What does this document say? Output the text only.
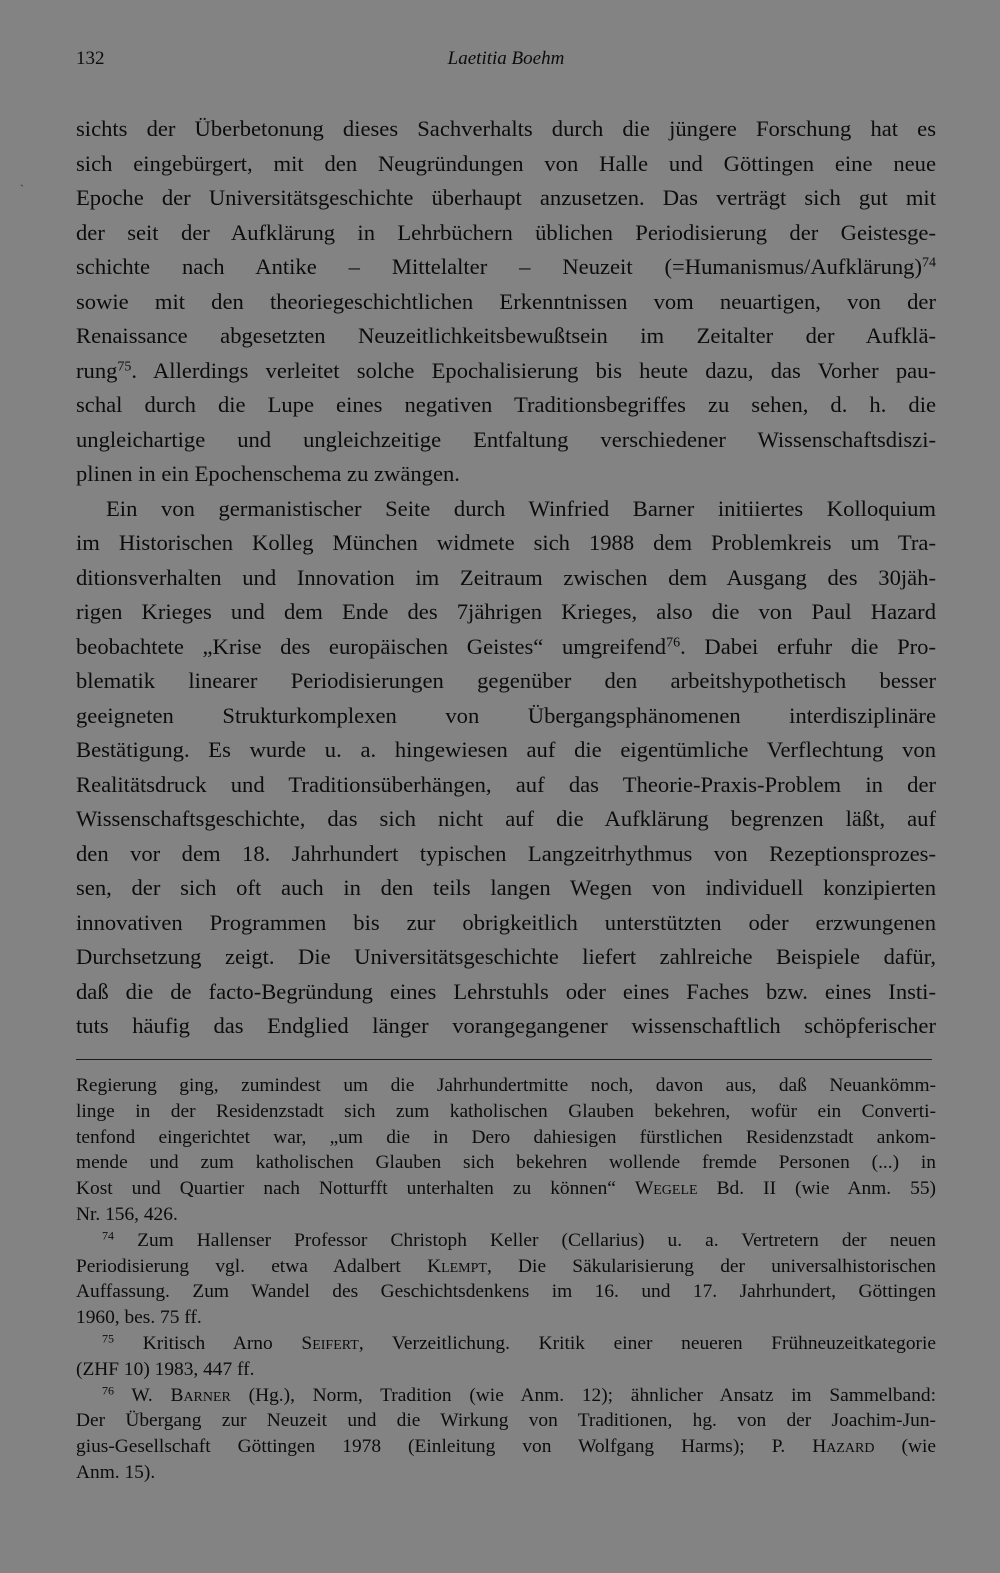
132	Laetitia Boehm
`
sichts der Überbetonung dieses Sachverhalts durch die jüngere Forschung hat es
sich eingebürgert, mit den Neugründungen von Halle und Göttingen eine neue
Epoche der Universitätsgeschichte überhaupt anzusetzen. Das verträgt sich gut mit
der seit der Aufklärung in Lehrbüchern üblichen Periodisierung der Geistesge-
schichte nach Antike – Mittelalter – Neuzeit (=Humanismus/Aufklärung)$^{74}$
sowie mit den theoriegeschichtlichen Erkenntnissen vom neuartigen, von der
Renaissance abgesetzten Neuzeitlichkeitsbewußtsein im Zeitalter der Aufklä-
rung$^{75}$. Allerdings verleitet solche Epochalisierung bis heute dazu, das Vorher pau-
schal durch die Lupe eines negativen Traditionsbegriffes zu sehen, d. h. die
ungleichartige und ungleichzeitige Entfaltung verschiedener Wissenschaftsdiszi-
plinen in ein Epochenschema zu zwängen.
Ein von germanistischer Seite durch Winfried Barner initiiertes Kolloquium
im Historischen Kolleg München widmete sich 1988 dem Problemkreis um Tra-
ditionsverhalten und Innovation im Zeitraum zwischen dem Ausgang des 30jäh-
rigen Krieges und dem Ende des 7jährigen Krieges, also die von Paul Hazard
beobachtete „Krise des europäischen Geistes“ umgreifend$^{76}$. Dabei erfuhr die Pro-
blematik linearer Periodisierungen gegenüber den arbeitshypothetisch besser
geeigneten Strukturkomplexen von Übergangsphänomenen interdisziplinäre
Bestätigung. Es wurde u. a. hingewiesen auf die eigentümliche Verflechtung von
Realitätsdruck und Traditionsüberhängen, auf das Theorie-Praxis-Problem in der
Wissenschaftsgeschichte, das sich nicht auf die Aufklärung begrenzen läßt, auf
den vor dem 18. Jahrhundert typischen Langzeitrhythmus von Rezeptionsprozes-
sen, der sich oft auch in den teils langen Wegen von individuell konzipierten
innovativen Programmen bis zur obrigkeitlich unterstützten oder erzwungenen
Durchsetzung zeigt. Die Universitätsgeschichte liefert zahlreiche Beispiele dafür,
daß die de facto-Begründung eines Lehrstuhls oder eines Faches bzw. eines Insti-
tuts häufig das Endglied länger vorangegangener wissenschaftlich schöpferischer
Regierung ging, zumindest um die Jahrhundertmitte noch, davon aus, daß Neuankömm-
linge in der Residenzstadt sich zum katholischen Glauben bekehren, wofür ein Converti-
tenfond eingerichtet war, „um die in Dero dahiesigen fürstlichen Residenzstadt ankom-
mende und zum katholischen Glauben sich bekehren wollende fremde Personen (...) in
Kost und Quartier nach Notturfft unterhalten zu können“ Wegele Bd. II (wie Anm. 55)
Nr. 156, 426.
$^{74}$ Zum Hallenser Professor Christoph Keller (Cellarius) u. a. Vertretern der neuen
Periodisierung vgl. etwa Adalbert Klempt, Die Säkularisierung der universalhistorischen
Auffassung. Zum Wandel des Geschichtsdenkens im 16. und 17. Jahrhundert, Göttingen
1960, bes. 75 ff.
$^{75}$ Kritisch Arno Seifert, Verzeitlichung. Kritik einer neueren Frühneuzeitkategorie
(ZHF 10) 1983, 447 ff.
$^{76}$ W. Barner (Hg.), Norm, Tradition (wie Anm. 12); ähnlicher Ansatz im Sammelband:
Der Übergang zur Neuzeit und die Wirkung von Traditionen, hg. von der Joachim-Jun-
gius-Gesellschaft Göttingen 1978 (Einleitung von Wolfgang Harms); P. Hazard (wie
Anm. 15).
